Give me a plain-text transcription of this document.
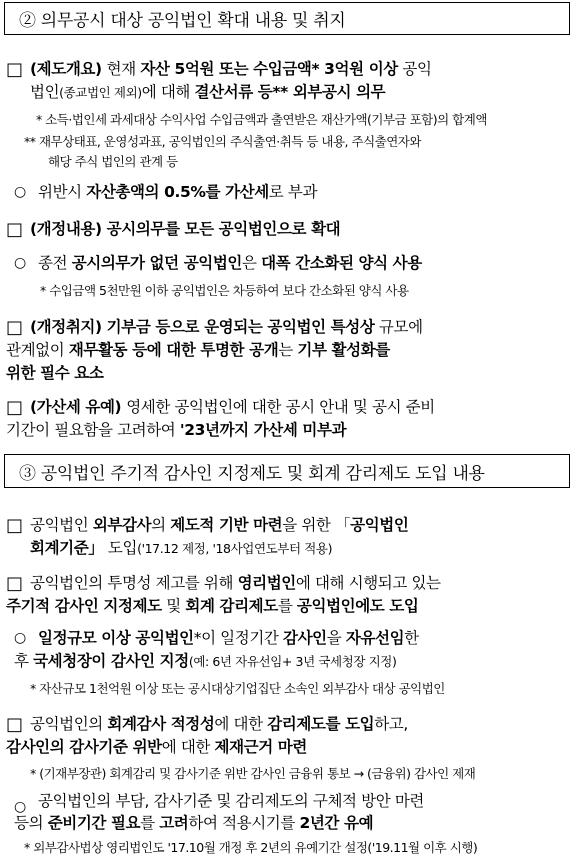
② 의무공시 대상 공익법인 확대 내용 및 취지
□ (제도개요) 현재 자산 5억원 또는 수입금액* 3억원 이상 공익
법인(종교법인 제외)에 대해 결산서류 등** 외부공시 의무
* 소득·법인세 과세대상 수익사업 수입금액과 출연받은 재산가액(기부금 포함)의 합계액
** 재무상태표, 운영성과표, 공익법인의 주식출연·취득 등 내용, 주식출연자와
해당 주식 법인의 관계 등
○ 위반시 자산총액의 0.5%를 가산세로 부과
□ (개정내용) 공시의무를 모든 공익법인으로 확대
○ 종전 공시의무가 없던 공익법인은 대폭 간소화된 양식 사용
* 수입금액 5천만원 이하 공익법인은 차등하여 보다 간소화된 양식 사용
□ (개정취지) 기부금 등으로 운영되는 공익법인 특성상 규모에
관계없이 재무활동 등에 대한 투명한 공개는 기부 활성화를
위한 필수 요소
□ (가산세 유예) 영세한 공익법인에 대한 공시 안내 및 공시 준비
기간이 필요함을 고려하여 '23년까지 가산세 미부과
③ 공익법인 주기적 감사인 지정제도 및 회계 감리제도 도입 내용
□ 공익법인 외부감사의 제도적 기반 마련을 위한 「공익법인
회계기준」 도입('17.12 제정, '18사업연도부터 적용)
□ 공익법인의 투명성 제고를 위해 영리법인에 대해 시행되고 있는
주기적 감사인 지정제도 및 회계 감리제도를 공익법인에도 도입
○ 일정규모 이상 공익법인*이 일정기간 감사인을 자유선임한
후 국세청장이 감사인 지정(예: 6년 자유선임+ 3년 국세청장 지정)
* 자산규모 1천억원 이상 또는 공시대상기업집단 소속인 외부감사 대상 공익법인
□ 공익법인의 회계감사 적정성에 대한 감리제도를 도입하고,
감사인의 감사기준 위반에 대한 제재근거 마련
* (기재부장관) 회계감리 및 감사기준 위반 감사인 금융위 통보 → (금융위) 감사인 제재
○ 공익법인의 부담, 감사기준 및 감리제도의 구체적 방안 마련
등의 준비기간 필요를 고려하여 적용시기를 2년간 유예
* 외부감사법상 영리법인도 '17.10월 개정 후 2년의 유예기간 설정('19.11월 이후 시행)
